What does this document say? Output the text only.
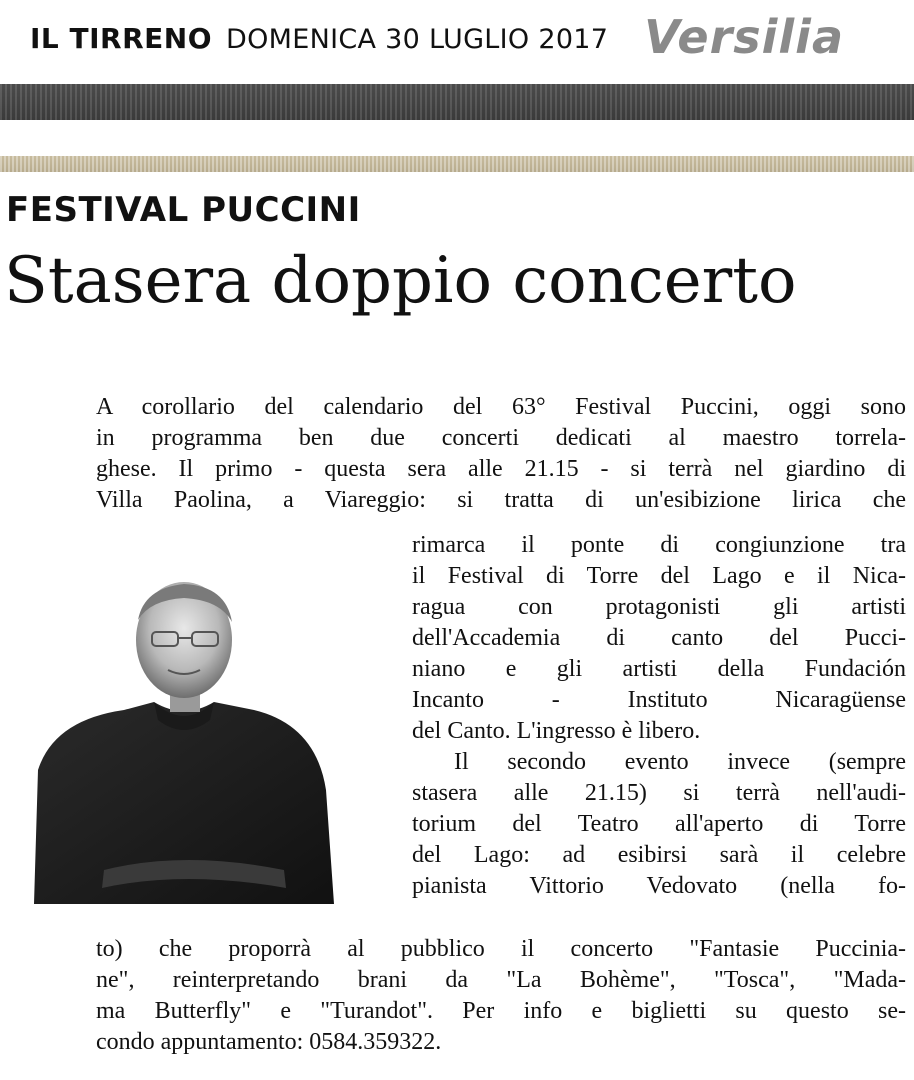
IL TIRRENO DOMENICA 30 LUGLIO 2017 Versilia
FESTIVAL PUCCINI
Stasera doppio concerto
A corollario del calendario del 63° Festival Puccini, oggi sono
in programma ben due concerti dedicati al maestro torrela-
ghese. Il primo - questa sera alle 21.15 - si terrà nel giardino di
Villa Paolina, a Viareggio: si tratta di un'esibizione lirica che
rimarca il ponte di congiunzione tra
il Festival di Torre del Lago e il Nica-
ragua con protagonisti gli artisti
dell'Accademia di canto del Pucci-
niano e gli artisti della Fundación
Incanto - Instituto Nicaragüense
del Canto. L'ingresso è libero.
Il secondo evento invece (sempre
stasera alle 21.15) si terrà nell'audi-
torium del Teatro all'aperto di Torre
del Lago: ad esibirsi sarà il celebre
pianista Vittorio Vedovato (nella fo-
to) che proporrà al pubblico il concerto "Fantasie Puccinia-
ne", reinterpretando brani da "La Bohème", "Tosca", "Mada-
ma Butterfly" e "Turandot". Per info e biglietti su questo se-
condo appuntamento: 0584.359322.
